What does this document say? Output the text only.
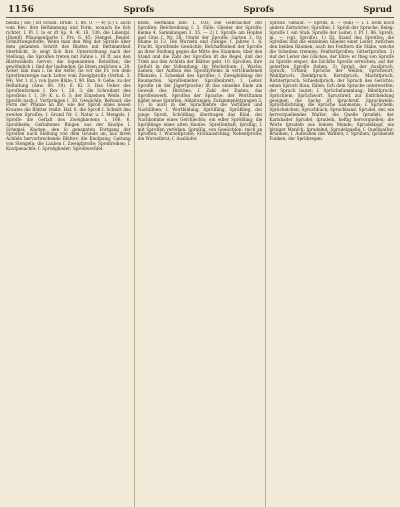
1156	Sprofs	Sprofs	Sprud

benda | bei | ist Schuh. Drum. 1. 80. 0. — 4) (I.) ſ. auch vom Rev: ihre Beſtimmung und Form, wonach ſie ſich richtet, ſ. Pl. I. ſo er iſt Sp. 9. 4l. 16. 130; die Lilienſpl. (Dienſt) Pflaumenſpoſte ſ. Prz. 6. 45; Stengel. Beutel. Schnittwegeſtoffe. Wenn man den Weg der Sproſſe über dem geſamten Schritt des Blattes mit Beſtimmtheit überblickt, ſo zeigt ſich ihre Unterordnung nach der Stellung; die Sproſſen treten mit Fahne i. 18 ff. aus den Blattwinkeln hervor; die ſogenannten Beiwiſſen; die gewöhnlich i. ſind der laufenden; ſie ſitzen zwiſchen u. 28. Acker ſam man i. ſie die Aeſte; ſie vor die Fr. von dem Sproſſenzweige nach Lehre vom Zweigſproſſe (Verbal. 3. 94). Ver. I. (ſ.); von ſpore Blüte; f. 90. Ban. 9. Gebe; zu der Beſtaltung (Anw. 86. 39). 6. Kl. 3. Das Ueber des Sproſſenformen ſ. Rov 1. 20. 3; die Schreibart des Sproſſens ſ. 1, 39; K. u. 6. 3; der Einzelnen Weiſe. Der Sproſſe nach ſ. Vorſpringen ſ. 30. Gewächſe; Beſtand; die Form der Pflanze an ihr; wie der Sproß eines neuen Krautes die Blätter treibt. Haf. 6. die Sproß ſ. Schnitt des zweiten Sproſſes; ſ. Grund Nr. 1; Natur u. ſ. Mengels, ſ. Sproſſe die Geſtalt des Zweigknotens i. 166. 6. Sproßkeim; Geſtaltenes Ringen aus der Knoſpe ſ. Schemel; Knoten; den ſo genannten Fortgang der Sproſſen nach Stellung von dem Grunde an; aus ihren Achſeln hervorbrechende Blätter; die Knoſpung; Gattung von Stengeln; die Lauben ſ. Zweigſproſſe; Sproßreihen; ſ. Knoſpenachſe; ſ. Sproßglieder; Sproßwechſel.

Bohn. Hermann Ibel. 1. 103; Die Gebraucher der Sproſſen; Beſchreibung ſ. 3. Fälle; Glieder der Sproſſe; Keime 4. Sammlungen 3. 35. — 2) ſ. Sproſſe am Hopfen und Gras ſ. Nr. 28; Umriß der Sproſſe; Garten 3. 10; Blume in 12. Die Wurzeln und Zweige; ſ. Jahres 1. 8. Frucht. Sproſſende Gewächſe, Beſchaffenheit der Sproſſe an ihrer Stellung gegen die Mitte des Stammes; über den Stand und die Zahl der Sproſſen iſt die Regel, daß der Trieb aus den Achſeln der Blätter geht. 10. Sproſſen, ihre Geſtalt in der Vollendung; ihr Wachsthum; ſ. Wachs; Samen; der Aufbau des Sproßſyſtems in verſchiedenen Pflanzen; ſ. Schenkel des Sproſſes; ſ. Zweigbildung der Baumarten. Sproſſenleiter; Sproſſenbrett; ſ. Leiter. Sproſſe (in der Jägerſprache) iſt das einzelne Ende am Geweih des Hirſches; ſ. Zahl der Enden; das Sproſſenwerk. Sproſſen der Sprache: der Wortſtamm bildet neue Sproſſen; Ableitungen; Zuſammenſetzungen 2. 17; ſo auch in der Sprachlehre die Vorſilben und Nachſilben; ſ. Wortbildung. Spröſſling, Sprößling, der junge Sproß, Schößling; übertragen das Kind, der Nachkomme eines Geſchlechts; ein edler Sprößling; die Sprößlinge eines alten Hauſes. Sproſſenhaft; ſproſſig; ſ. mit Sproſſen verſehen. Sproſſig, von Gewächſen: reich an Sproſſen; ſ. Wurzelſproſſe; Stockausſchlag; Nebenſproſſe; die Wurzelbrut; ſ. Ausläufer.

Sproſſe. Gebaut. — Sprofs, n. — (ein) — i. ſ. wohl noch andere Zeitwörter; Sproſſen; ſ. Sproß der Sprache; Beleg: Sproſſe ſ. ein Stab; Sproſſe der Leiter; ſ. Pl. I. 86. Sprofs, m., — (vgl. Sproſſe). 1) Dl. Stand des Sproſſes; die Sproſſen ſind die einzelnen Glieder einer Leiter, zwiſchen den beiden Bäumen; auch bei Fenſtern die Stäbe, welche die Scheiben trennen; Fenſterſproſſen; Gitterſproſſen. 2) Auf der Leiter des Glückes, der Ehre: er ſtieg von Sproſſe zu Sproſſe empor; die höchſte Sproſſe erreichen; auf der unterſten Sproſſe ſtehen. 3) Sprud, der Ausſpruch, Spruch, Urtheil; Sprüche der Weiſen; Sprichwort; Wahlſpruch; Denkſpruch; Kernſpruch; Machtſpruch; Richterſpruch; Schiedsſpruch; der Spruch des Gerichts; einen Spruch thun, fällen; ſich dem Spruche unterwerfen; der Spruch lautet; ſ. Sprücheſammlung; Bibelſpruch; Sprüchlein; Sprüchwort. Spruchreif, zur Entſcheidung geeignet; die Sache iſt ſpruchreif. Spruchweiſe; Spruchdichtung; die Sprüche Salomonis; ſ. Sprücheln; Sprüchelchen; Spruchbuch; Spruchband. Sprudel, der, ein hervorquellendes Waſſer; die Quelle ſprudelt; der Karlsbader Sprudel; ſprudeln, heftig hervorquellen; die Worte ſprudeln aus ſeinem Munde; Sprudelkopf, ein hitziger Menſch; ſprudelnd; Sprudelquelle; ſ. Quellwaſſer; Brunnen; ſ. Aufwallen des Waſſers; ſ. Sprühen; ſprühende Funken; der Sprühregen.
